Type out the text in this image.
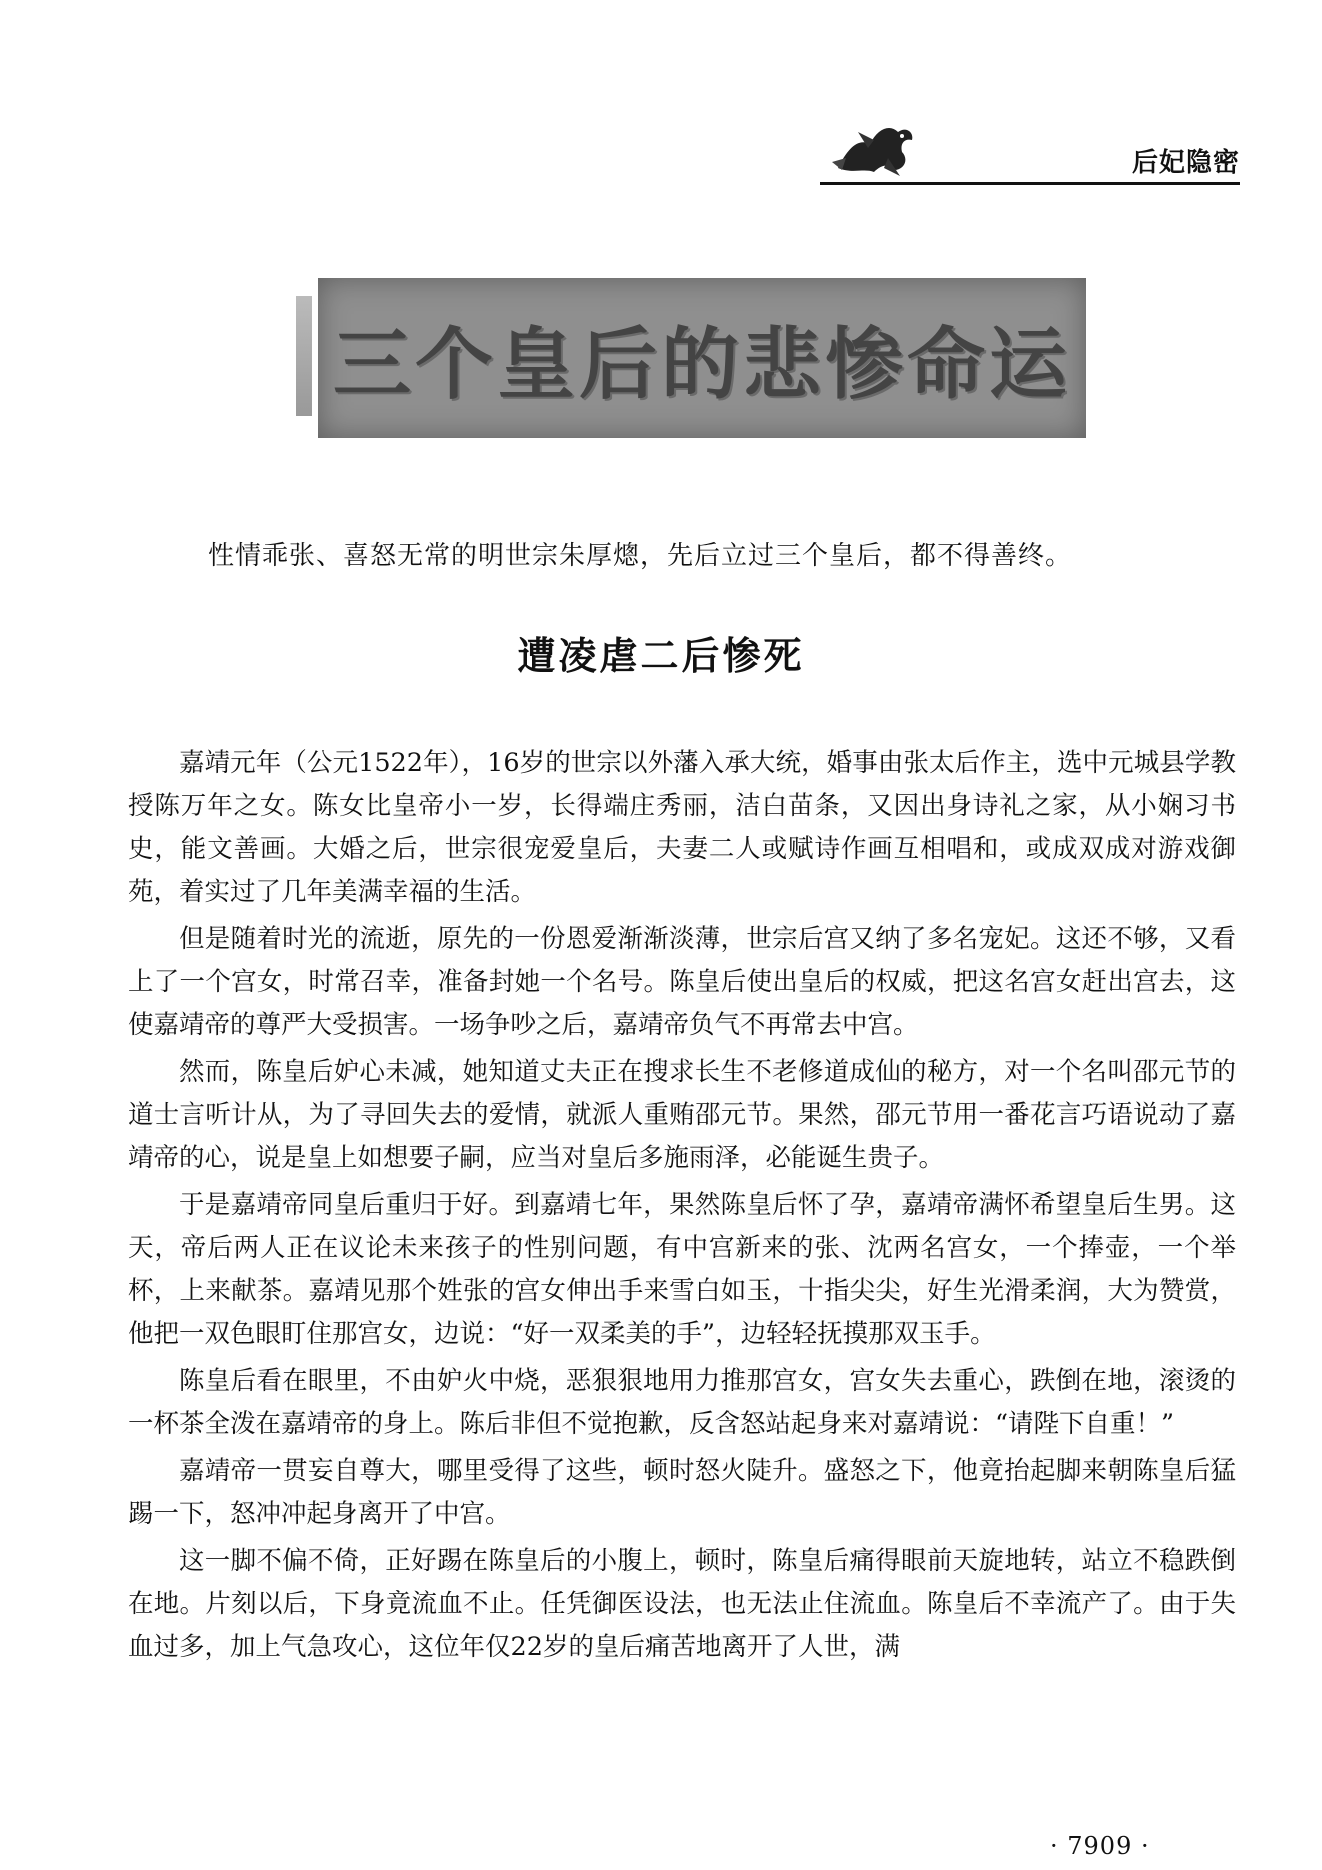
后妃隐密
三个皇后的悲惨命运
性情乖张、喜怒无常的明世宗朱厚熜，先后立过三个皇后，都不得善终。
遭凌虐二后惨死

嘉靖元年（公元1522年），16岁的世宗以外藩入承大统，婚事由张太后作主，选中元城县学教授陈万年之女。陈女比皇帝小一岁，长得端庄秀丽，洁白苗条，又因出身诗礼之家，从小娴习书史，能文善画。大婚之后，世宗很宠爱皇后，夫妻二人或赋诗作画互相唱和，或成双成对游戏御苑，着实过了几年美满幸福的生活。

但是随着时光的流逝，原先的一份恩爱渐渐淡薄，世宗后宫又纳了多名宠妃。这还不够，又看上了一个宫女，时常召幸，准备封她一个名号。陈皇后使出皇后的权威，把这名宫女赶出宫去，这使嘉靖帝的尊严大受损害。一场争吵之后，嘉靖帝负气不再常去中宫。

然而，陈皇后妒心未减，她知道丈夫正在搜求长生不老修道成仙的秘方，对一个名叫邵元节的道士言听计从，为了寻回失去的爱情，就派人重贿邵元节。果然，邵元节用一番花言巧语说动了嘉靖帝的心，说是皇上如想要子嗣，应当对皇后多施雨泽，必能诞生贵子。

于是嘉靖帝同皇后重归于好。到嘉靖七年，果然陈皇后怀了孕，嘉靖帝满怀希望皇后生男。这天，帝后两人正在议论未来孩子的性别问题，有中宫新来的张、沈两名宫女，一个捧壶，一个举杯，上来献茶。嘉靖见那个姓张的宫女伸出手来雪白如玉，十指尖尖，好生光滑柔润，大为赞赏，他把一双色眼盯住那宫女，边说：“好一双柔美的手”，边轻轻抚摸那双玉手。

陈皇后看在眼里，不由妒火中烧，恶狠狠地用力推那宫女，宫女失去重心，跌倒在地，滚烫的一杯茶全泼在嘉靖帝的身上。陈后非但不觉抱歉，反含怒站起身来对嘉靖说：“请陛下自重！”

嘉靖帝一贯妄自尊大，哪里受得了这些，顿时怒火陡升。盛怒之下，他竟抬起脚来朝陈皇后猛踢一下，怒冲冲起身离开了中宫。

这一脚不偏不倚，正好踢在陈皇后的小腹上，顿时，陈皇后痛得眼前天旋地转，站立不稳跌倒在地。片刻以后，下身竟流血不止。任凭御医设法，也无法止住流血。陈皇后不幸流产了。由于失血过多，加上气急攻心，这位年仅22岁的皇后痛苦地离开了人世，满

· 7909 ·
